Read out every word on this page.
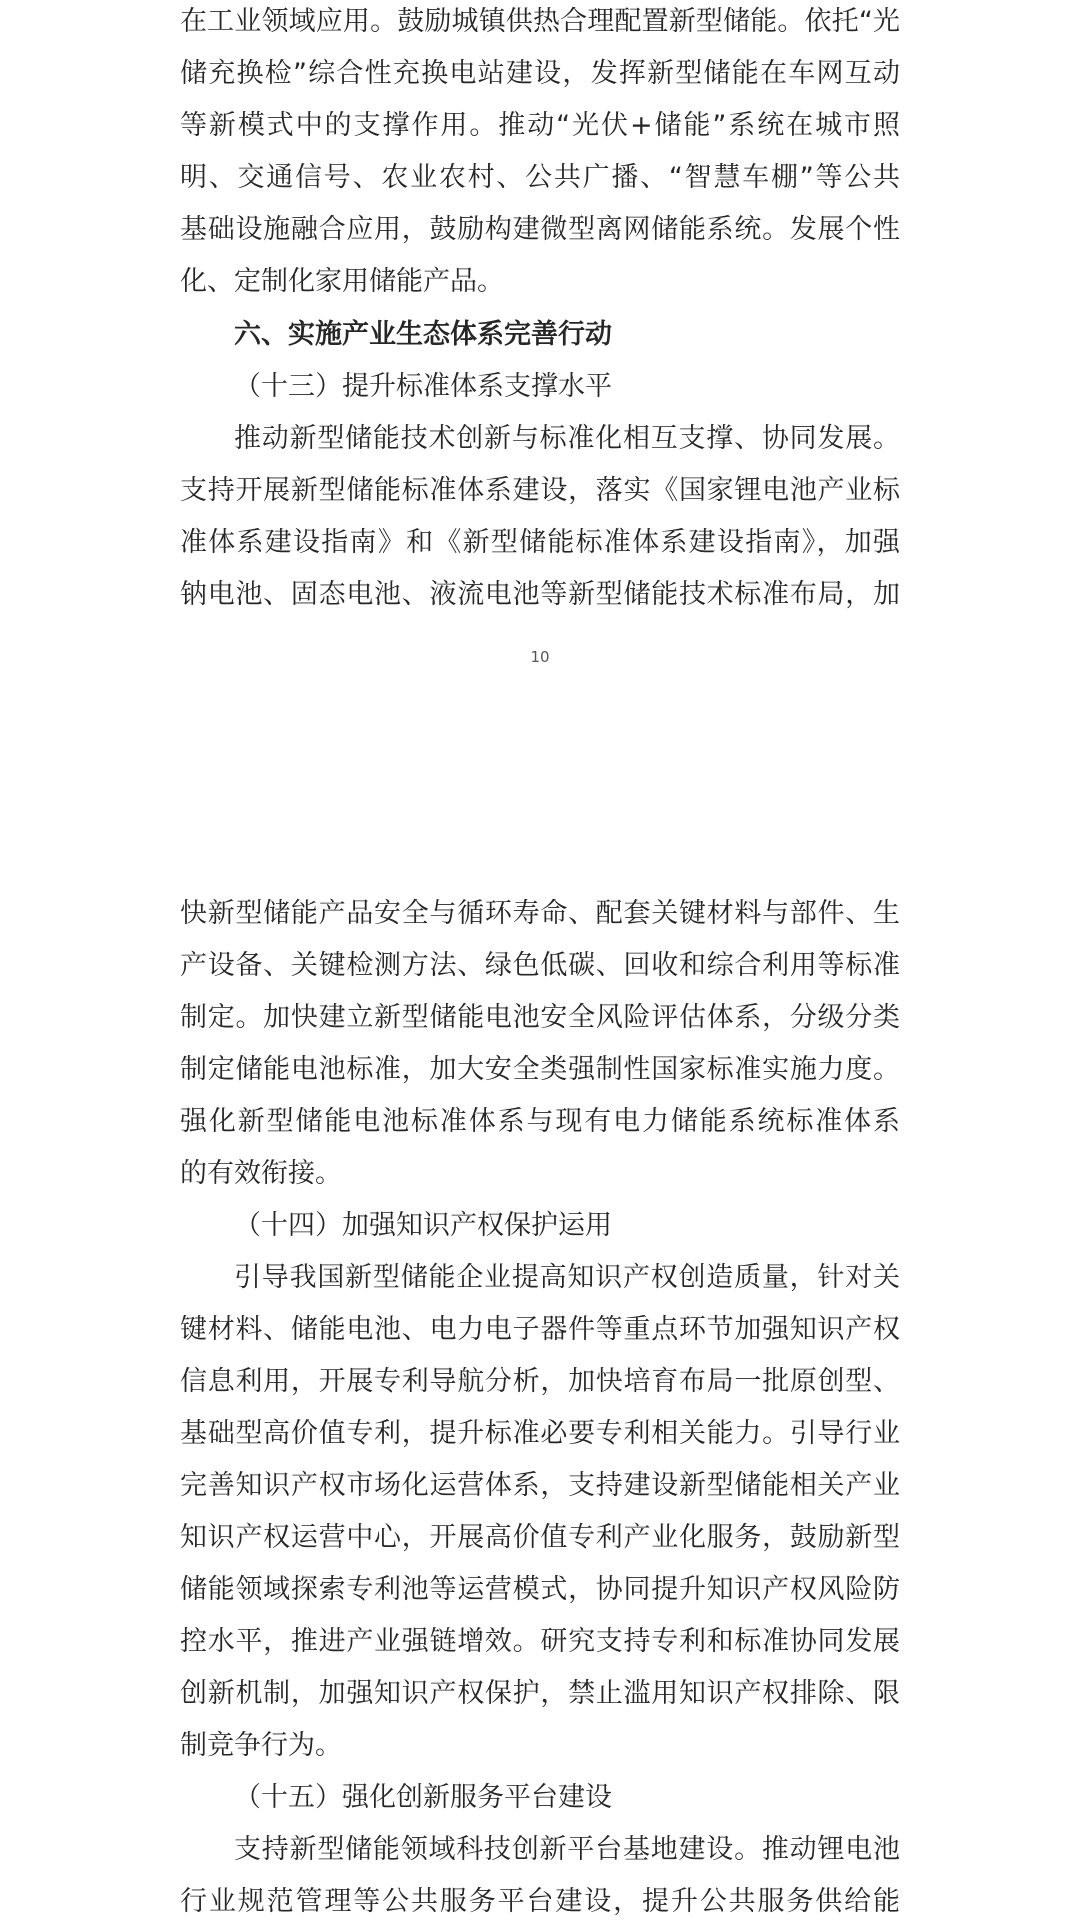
在工业领域应用。鼓励城镇供热合理配置新型储能。依托“光
储充换检”综合性充换电站建设，发挥新型储能在车网互动
等新模式中的支撑作用。推动“光伏+储能”系统在城市照
明、交通信号、农业农村、公共广播、“智慧车棚”等公共
基础设施融合应用，鼓励构建微型离网储能系统。发展个性
化、定制化家用储能产品。
六、实施产业生态体系完善行动
（十三）提升标准体系支撑水平
推动新型储能技术创新与标准化相互支撑、协同发展。
支持开展新型储能标准体系建设，落实《国家锂电池产业标
准体系建设指南》和《新型储能标准体系建设指南》，加强
钠电池、固态电池、液流电池等新型储能技术标准布局，加
10
快新型储能产品安全与循环寿命、配套关键材料与部件、生
产设备、关键检测方法、绿色低碳、回收和综合利用等标准
制定。加快建立新型储能电池安全风险评估体系，分级分类
制定储能电池标准，加大安全类强制性国家标准实施力度。
强化新型储能电池标准体系与现有电力储能系统标准体系
的有效衔接。
（十四）加强知识产权保护运用
引导我国新型储能企业提高知识产权创造质量，针对关
键材料、储能电池、电力电子器件等重点环节加强知识产权
信息利用，开展专利导航分析，加快培育布局一批原创型、
基础型高价值专利，提升标准必要专利相关能力。引导行业
完善知识产权市场化运营体系，支持建设新型储能相关产业
知识产权运营中心，开展高价值专利产业化服务，鼓励新型
储能领域探索专利池等运营模式，协同提升知识产权风险防
控水平，推进产业强链增效。研究支持专利和标准协同发展
创新机制，加强知识产权保护，禁止滥用知识产权排除、限
制竞争行为。
（十五）强化创新服务平台建设
支持新型储能领域科技创新平台基地建设。推动锂电池
行业规范管理等公共服务平台建设，提升公共服务供给能
